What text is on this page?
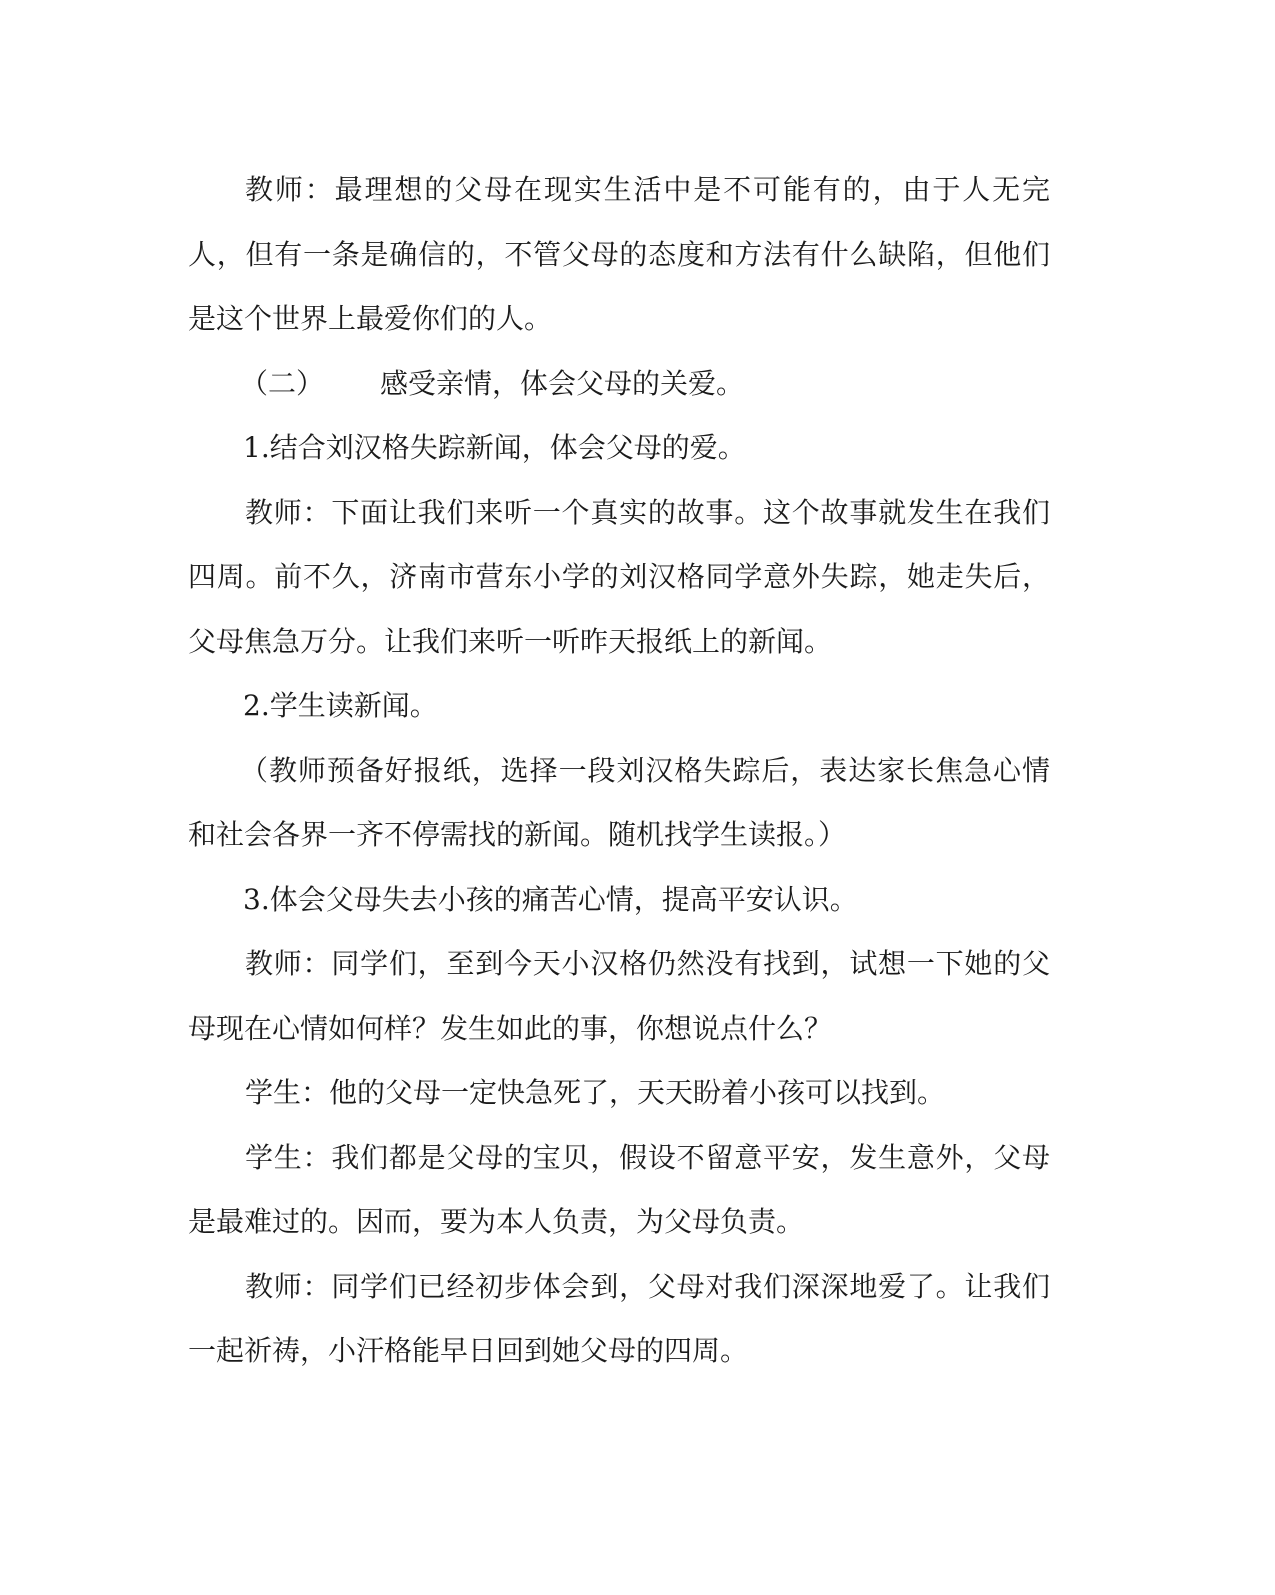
教师：最理想的父母在现实生活中是不可能有的，由于人无完人，但有一条是确信的，不管父母的态度和方法有什么缺陷，但他们是这个世界上最爱你们的人。

（二） 感受亲情，体会父母的关爱。

1.结合刘汉格失踪新闻，体会父母的爱。

教师：下面让我们来听一个真实的故事。这个故事就发生在我们四周。前不久，济南市营东小学的刘汉格同学意外失踪，她走失后，父母焦急万分。让我们来听一听昨天报纸上的新闻。

2.学生读新闻。

（教师预备好报纸，选择一段刘汉格失踪后，表达家长焦急心情和社会各界一齐不停需找的新闻。随机找学生读报。）

3.体会父母失去小孩的痛苦心情，提高平安认识。

教师：同学们，至到今天小汉格仍然没有找到，试想一下她的父母现在心情如何样？发生如此的事，你想说点什么？

学生：他的父母一定快急死了，天天盼着小孩可以找到。

学生：我们都是父母的宝贝，假设不留意平安，发生意外，父母是最难过的。因而，要为本人负责，为父母负责。

教师：同学们已经初步体会到，父母对我们深深地爱了。让我们一起祈祷，小汗格能早日回到她父母的四周。
